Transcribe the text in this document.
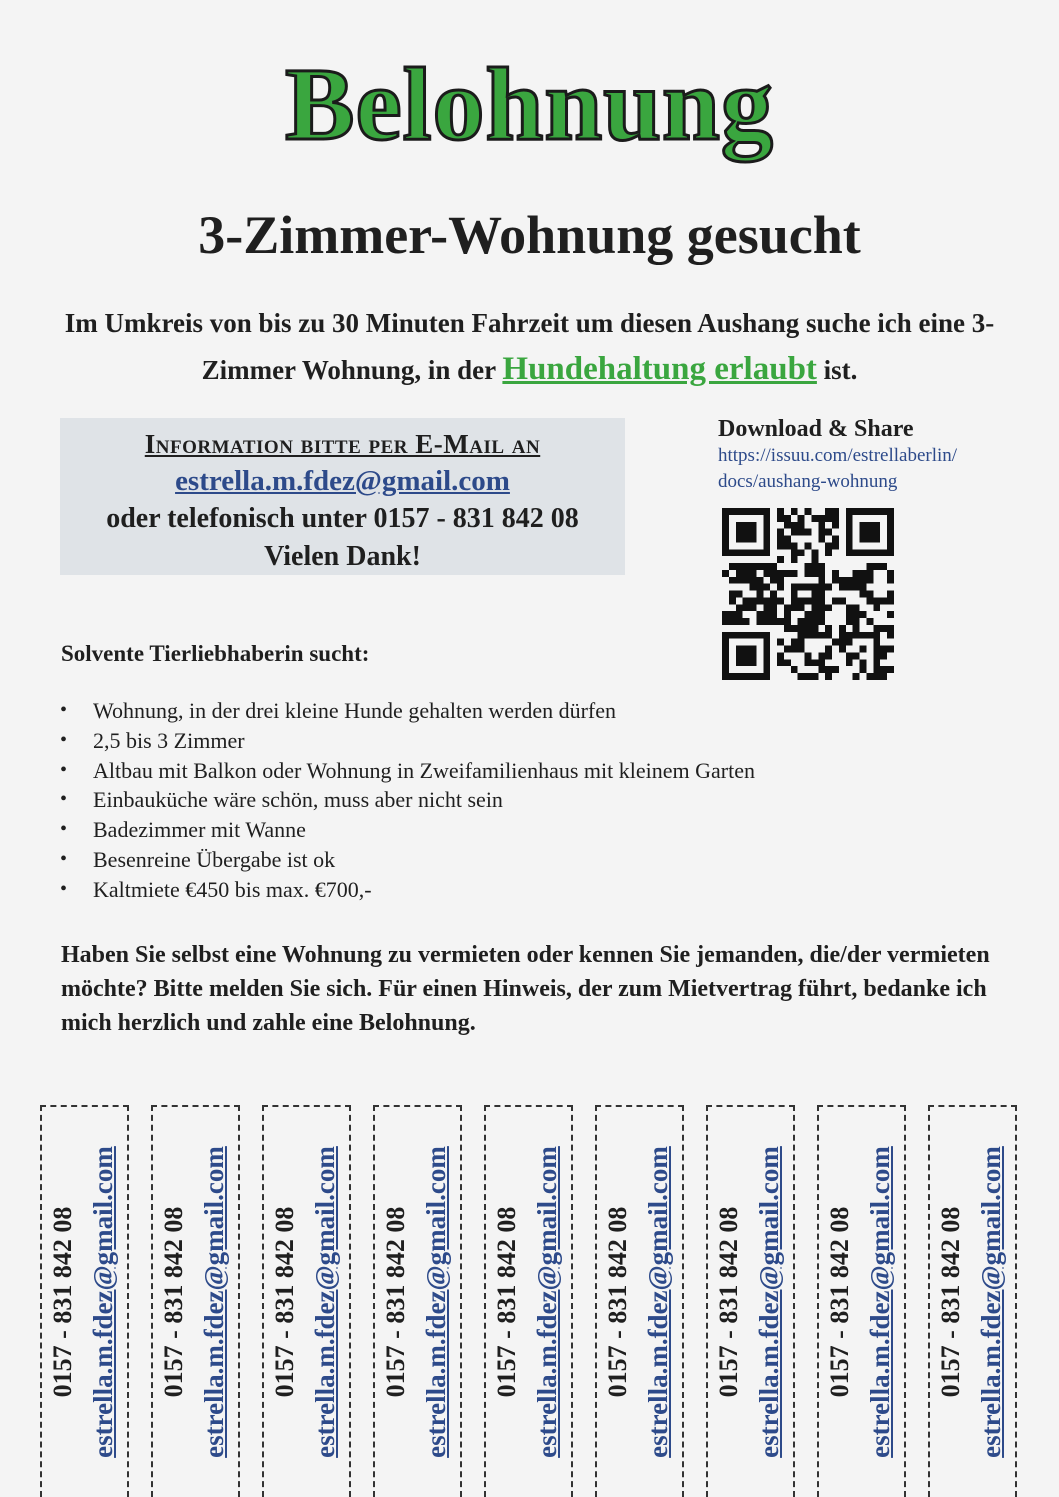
Belohnung
3-Zimmer-Wohnung gesucht
Im Umkreis von bis zu 30 Minuten Fahrzeit um diesen Aushang suche ich eine 3-Zimmer Wohnung, in der Hundehaltung erlaubt ist.
Information bitte per E-Mail an
estrella.m.fdez@gmail.com
oder telefonisch unter 0157 - 831 842 08
Vielen Dank!
Download & Share
https://issuu.com/estrellaberlin/
docs/aushang-wohnung
Solvente Tierliebhaberin sucht:
• Wohnung, in der drei kleine Hunde gehalten werden dürfen
• 2,5 bis 3 Zimmer
• Altbau mit Balkon oder Wohnung in Zweifamilienhaus mit kleinem Garten
• Einbauküche wäre schön, muss aber nicht sein
• Badezimmer mit Wanne
• Besenreine Übergabe ist ok
• Kaltmiete €450 bis max. €700,-
Haben Sie selbst eine Wohnung zu vermieten oder kennen Sie jemanden, die/der vermieten möchte? Bitte melden Sie sich. Für einen Hinweis, der zum Mietvertrag führt, bedanke ich mich herzlich und zahle eine Belohnung.
0157 - 831 842 08 estrella.m.fdez@gmail.com 0157 - 831 842 08 estrella.m.fdez@gmail.com 0157 - 831 842 08 estrella.m.fdez@gmail.com 0157 - 831 842 08 estrella.m.fdez@gmail.com 0157 - 831 842 08 estrella.m.fdez@gmail.com 0157 - 831 842 08 estrella.m.fdez@gmail.com 0157 - 831 842 08 estrella.m.fdez@gmail.com 0157 - 831 842 08 estrella.m.fdez@gmail.com 0157 - 831 842 08 estrella.m.fdez@gmail.com
